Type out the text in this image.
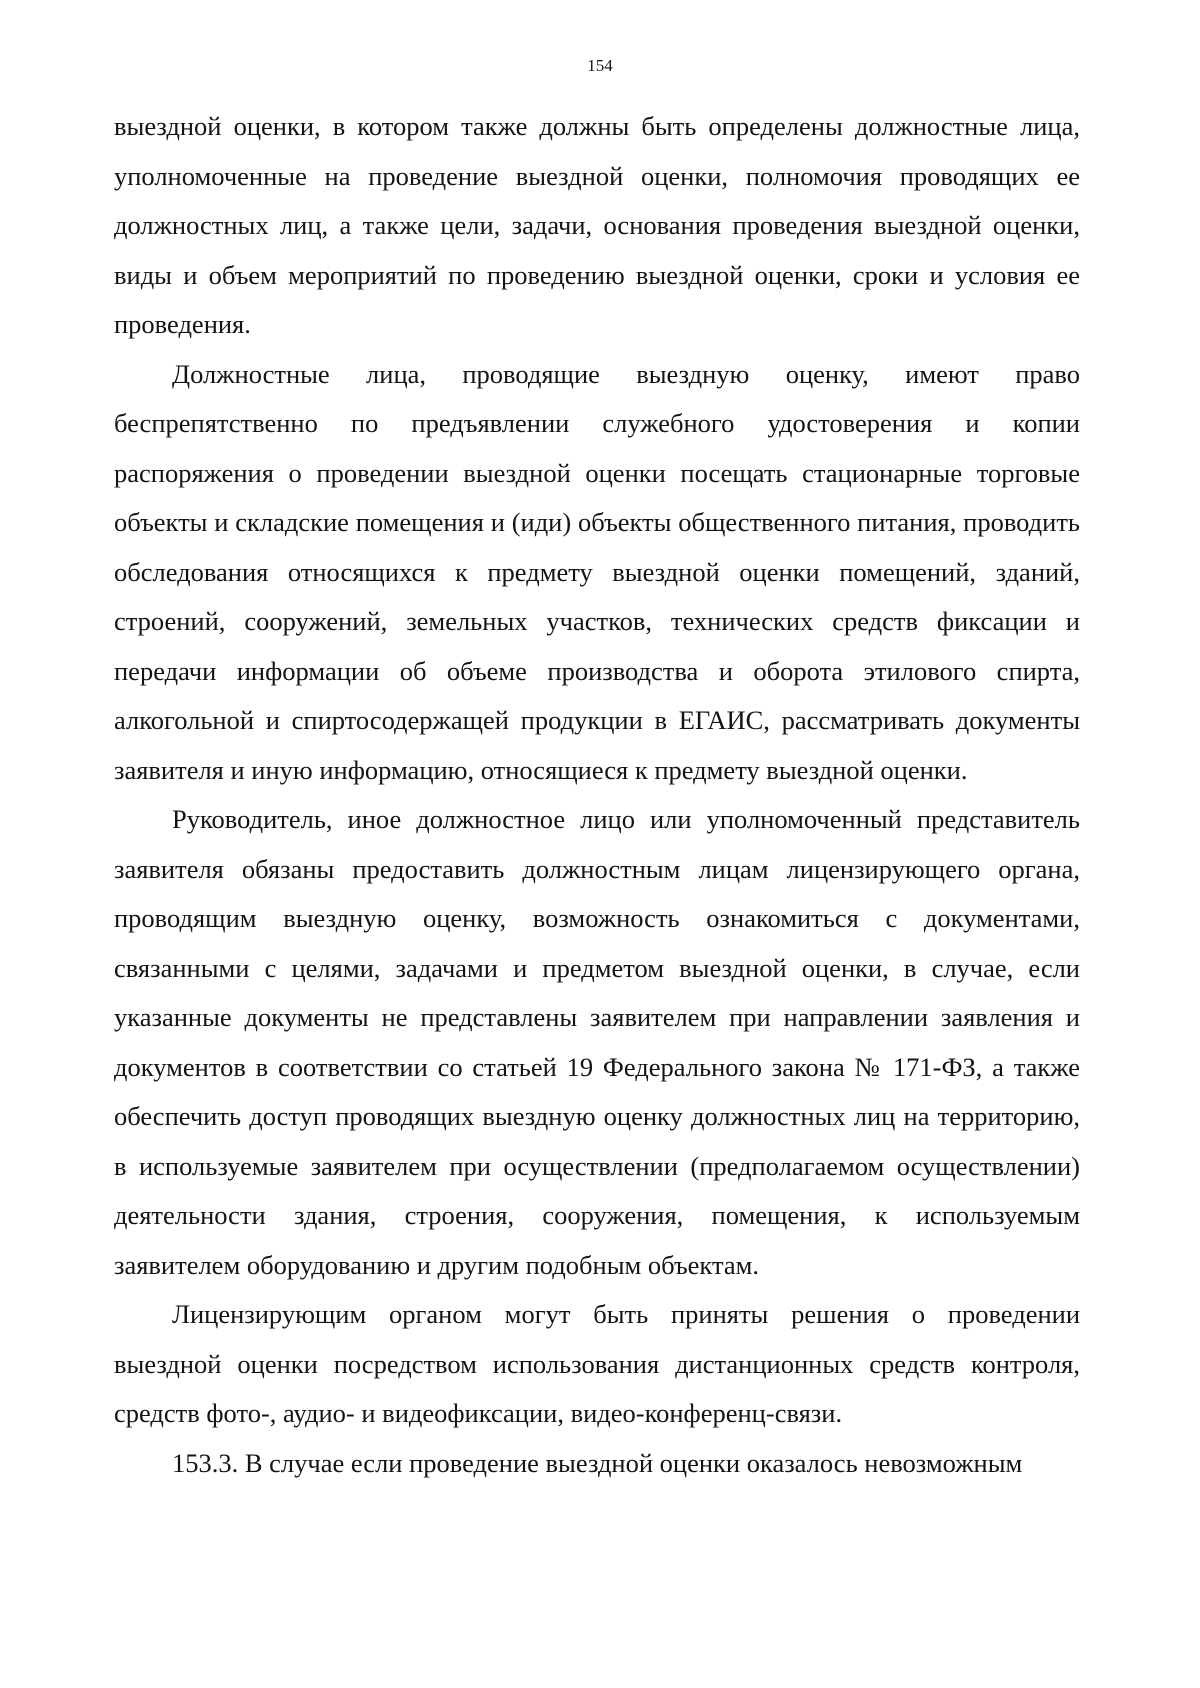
154

выездной оценки, в котором также должны быть определены должностные лица, уполномоченные на проведение выездной оценки, полномочия проводящих ее должностных лиц, а также цели, задачи, основания проведения выездной оценки, виды и объем мероприятий по проведению выездной оценки, сроки и условия ее проведения.

Должностные лица, проводящие выездную оценку, имеют право беспрепятственно по предъявлении служебного удостоверения и копии распоряжения о проведении выездной оценки посещать стационарные торговые объекты и складские помещения и (иди) объекты общественного питания, проводить обследования относящихся к предмету выездной оценки помещений, зданий, строений, сооружений, земельных участков, технических средств фиксации и передачи информации об объеме производства и оборота этилового спирта, алкогольной и спиртосодержащей продукции в ЕГАИС, рассматривать документы заявителя и иную информацию, относящиеся к предмету выездной оценки.

Руководитель, иное должностное лицо или уполномоченный представитель заявителя обязаны предоставить должностным лицам лицензирующего органа, проводящим выездную оценку, возможность ознакомиться с документами, связанными с целями, задачами и предметом выездной оценки, в случае, если указанные документы не представлены заявителем при направлении заявления и документов в соответствии со статьей 19 Федерального закона № 171-ФЗ, а также обеспечить доступ проводящих выездную оценку должностных лиц на территорию, в используемые заявителем при осуществлении (предполагаемом осуществлении) деятельности здания, строения, сооружения, помещения, к используемым заявителем оборудованию и другим подобным объектам.

Лицензирующим органом могут быть приняты решения о проведении выездной оценки посредством использования дистанционных средств контроля, средств фото-, аудио- и видеофиксации, видео-конференц-связи.

153.3. В случае если проведение выездной оценки оказалось невозможным
